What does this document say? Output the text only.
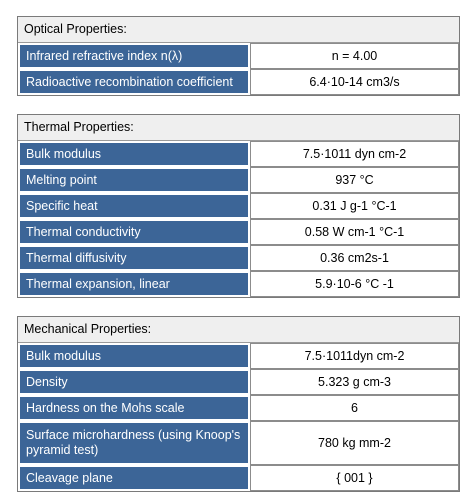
Optical Properties:
Infrared refractive index n(λ)	n = 4.00
Radioactive recombination coefficient	6.4·10-14 cm3/s
Thermal Properties:
Bulk modulus	7.5·1011 dyn cm-2
Melting point	937 °C
Specific heat	0.31 J g-1 °C-1
Thermal conductivity	0.58 W cm-1 °C-1
Thermal diffusivity	0.36 cm2s-1
Thermal expansion, linear	5.9·10-6 °C -1
Mechanical Properties:
Bulk modulus	7.5·1011dyn cm-2
Density	5.323 g cm-3
Hardness on the Mohs scale	6
Surface microhardness (using Knoop's pyramid test)	780 kg mm-2
Cleavage plane	{ 001 }
